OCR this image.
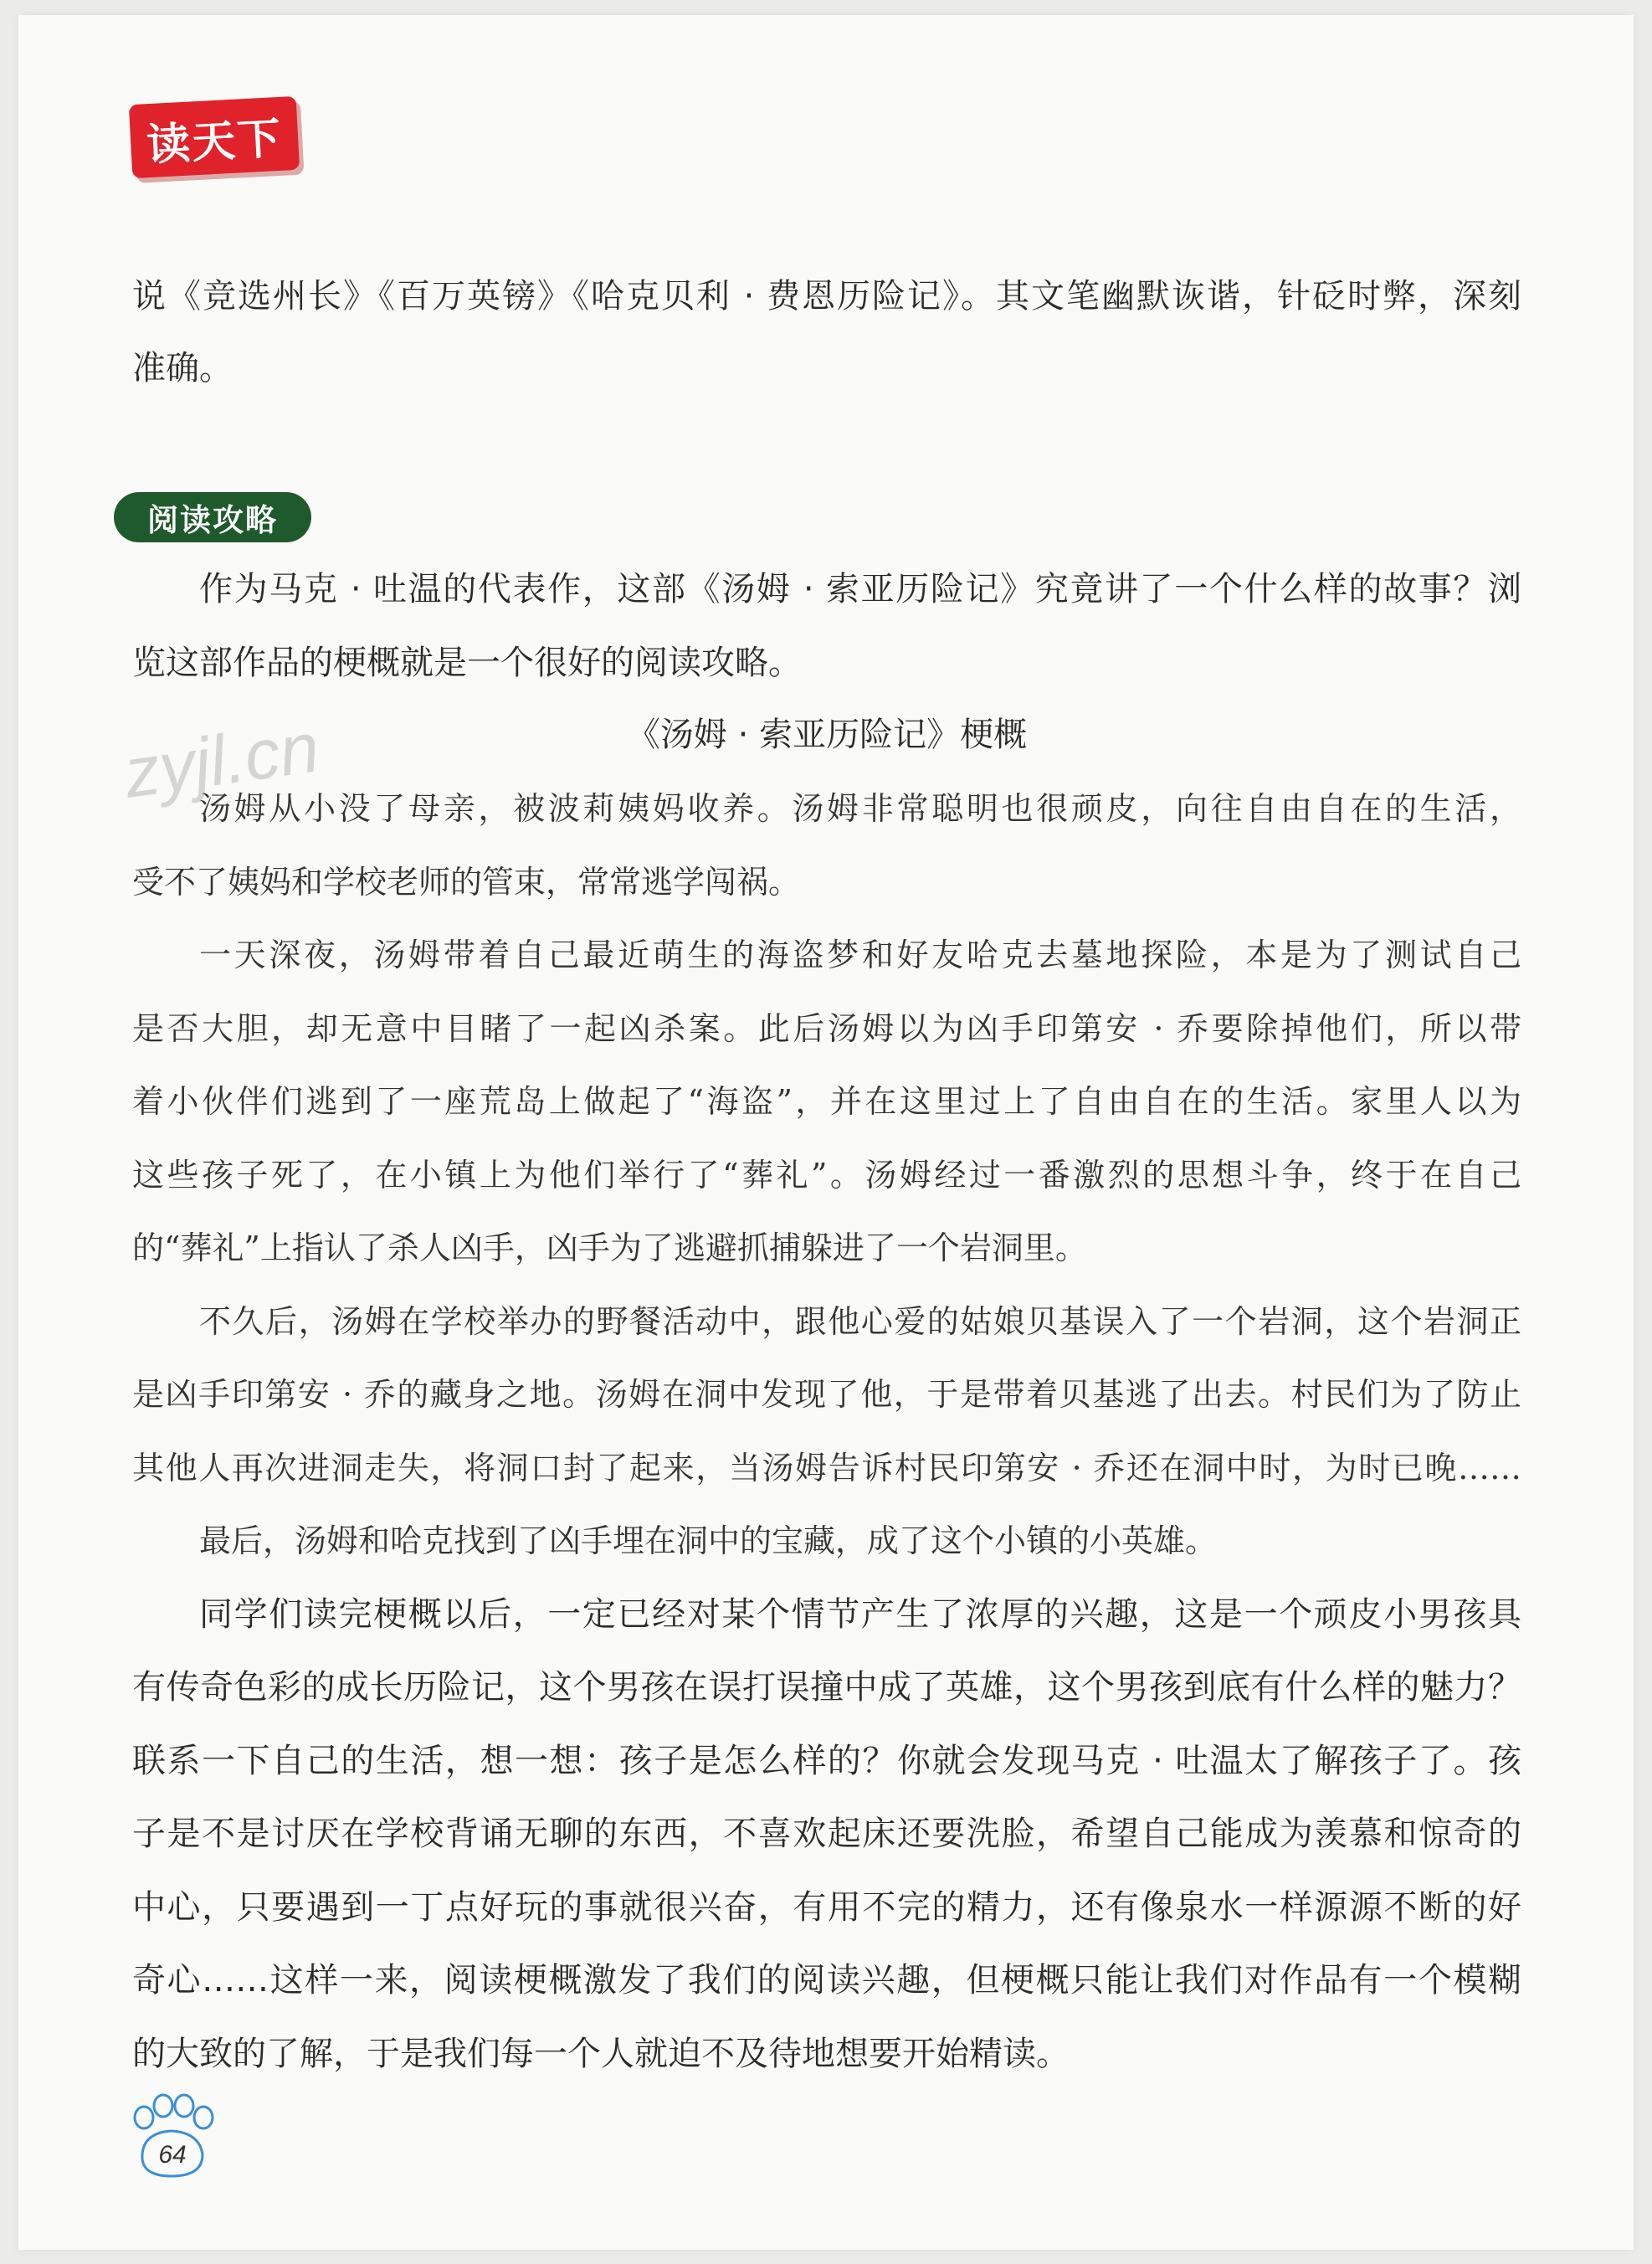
读天下
说《竞选州长》《百万英镑》《哈克贝利 · 费恩历险记》。其文笔幽默诙谐，针砭时弊，深刻
准确。
阅读攻略
作为马克 · 吐温的代表作，这部《汤姆 · 索亚历险记》究竟讲了一个什么样的故事？浏
览这部作品的梗概就是一个很好的阅读攻略。
zyjl.cn	《汤姆 · 索亚历险记》梗概
汤姆从小没了母亲，被波莉姨妈收养。汤姆非常聪明也很顽皮，向往自由自在的生活，
受不了姨妈和学校老师的管束，常常逃学闯祸。
一天深夜，汤姆带着自己最近萌生的海盗梦和好友哈克去墓地探险，本是为了测试自己
是否大胆，却无意中目睹了一起凶杀案。此后汤姆以为凶手印第安 · 乔要除掉他们，所以带
着小伙伴们逃到了一座荒岛上做起了“海盗”，并在这里过上了自由自在的生活。家里人以为
这些孩子死了，在小镇上为他们举行了“葬礼”。汤姆经过一番激烈的思想斗争，终于在自己
的“葬礼”上指认了杀人凶手，凶手为了逃避抓捕躲进了一个岩洞里。
不久后，汤姆在学校举办的野餐活动中，跟他心爱的姑娘贝基误入了一个岩洞，这个岩洞正
是凶手印第安 · 乔的藏身之地。汤姆在洞中发现了他，于是带着贝基逃了出去。村民们为了防止
其他人再次进洞走失，将洞口封了起来，当汤姆告诉村民印第安 · 乔还在洞中时，为时已晚……
最后，汤姆和哈克找到了凶手埋在洞中的宝藏，成了这个小镇的小英雄。
同学们读完梗概以后，一定已经对某个情节产生了浓厚的兴趣，这是一个顽皮小男孩具
有传奇色彩的成长历险记，这个男孩在误打误撞中成了英雄，这个男孩到底有什么样的魅力？
联系一下自己的生活，想一想：孩子是怎么样的？你就会发现马克 · 吐温太了解孩子了。孩
子是不是讨厌在学校背诵无聊的东西，不喜欢起床还要洗脸，希望自己能成为羡慕和惊奇的
中心，只要遇到一丁点好玩的事就很兴奋，有用不完的精力，还有像泉水一样源源不断的好
奇心……这样一来，阅读梗概激发了我们的阅读兴趣，但梗概只能让我们对作品有一个模糊
的大致的了解，于是我们每一个人就迫不及待地想要开始精读。
64
